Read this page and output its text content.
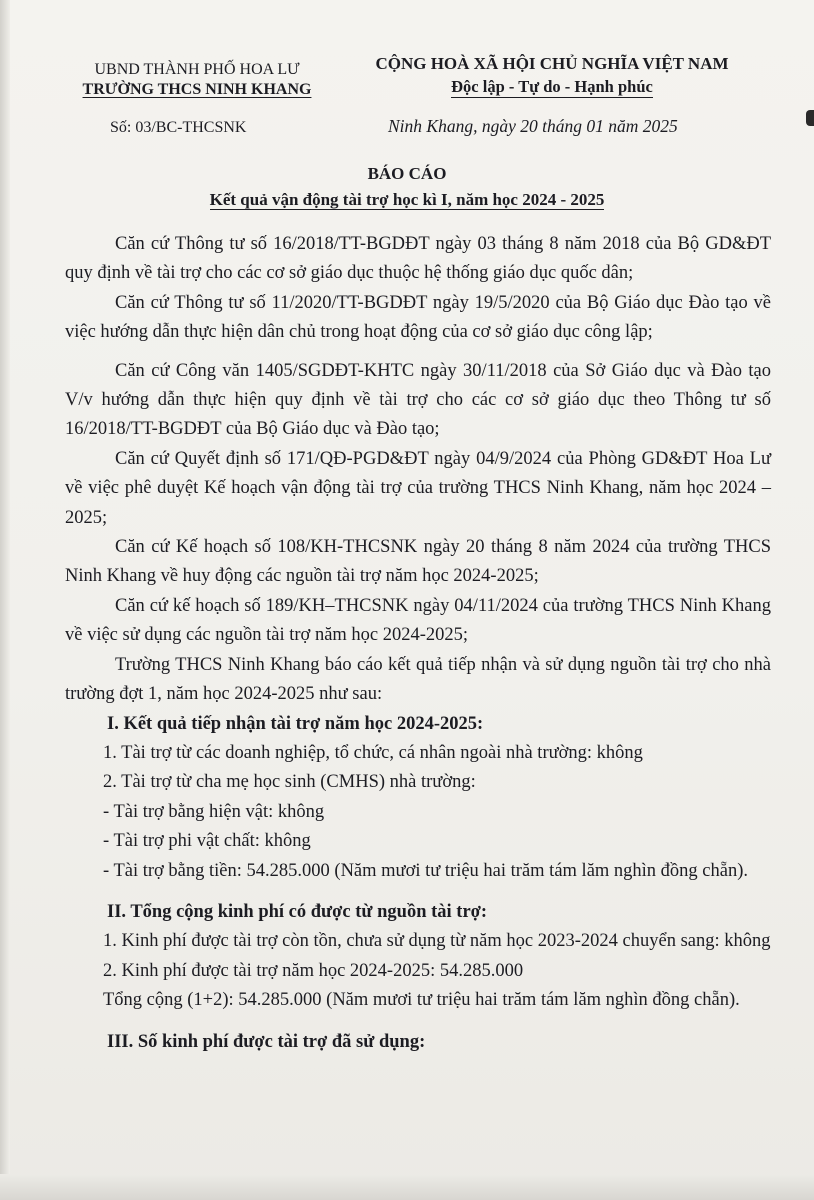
UBND THÀNH PHỐ HOA LƯ
TRƯỜNG THCS NINH KHANG
CỘNG HOÀ XÃ HỘI CHỦ NGHĨA VIỆT NAM
Độc lập - Tự do - Hạnh phúc
Số: 03/BC-THCSNK	Ninh Khang, ngày 20 tháng 01 năm 2025
BÁO CÁO
Kết quả vận động tài trợ học kì I, năm học 2024 - 2025

Căn cứ Thông tư số 16/2018/TT-BGDĐT ngày 03 tháng 8 năm 2018 của Bộ GD&ĐT quy định về tài trợ cho các cơ sở giáo dục thuộc hệ thống giáo dục quốc dân;

Căn cứ Thông tư số 11/2020/TT-BGDĐT ngày 19/5/2020 của Bộ Giáo dục Đào tạo về việc hướng dẫn thực hiện dân chủ trong hoạt động của cơ sở giáo dục công lập;

Căn cứ Công văn 1405/SGDĐT-KHTC ngày 30/11/2018 của Sở Giáo dục và Đào tạo V/v hướng dẫn thực hiện quy định về tài trợ cho các cơ sở giáo dục theo Thông tư số 16/2018/TT-BGDĐT của Bộ Giáo dục và Đào tạo;

Căn cứ Quyết định số 171/QĐ-PGD&ĐT ngày 04/9/2024 của Phòng GD&ĐT Hoa Lư về việc phê duyệt Kế hoạch vận động tài trợ của trường THCS Ninh Khang, năm học 2024 – 2025;

Căn cứ Kế hoạch số 108/KH-THCSNK ngày 20 tháng 8 năm 2024 của trường THCS Ninh Khang về huy động các nguồn tài trợ năm học 2024-2025;

Căn cứ kế hoạch số 189/KH–THCSNK ngày 04/11/2024 của trường THCS Ninh Khang về việc sử dụng các nguồn tài trợ năm học 2024-2025;

Trường THCS Ninh Khang báo cáo kết quả tiếp nhận và sử dụng nguồn tài trợ cho nhà trường đợt 1, năm học 2024-2025 như sau:

I. Kết quả tiếp nhận tài trợ năm học 2024-2025:

1. Tài trợ từ các doanh nghiệp, tổ chức, cá nhân ngoài nhà trường: không

2. Tài trợ từ cha mẹ học sinh (CMHS) nhà trường:

- Tài trợ bằng hiện vật: không

- Tài trợ phi vật chất: không

- Tài trợ bằng tiền: 54.285.000 (Năm mươi tư triệu hai trăm tám lăm nghìn đồng chẵn).

II. Tổng cộng kinh phí có được từ nguồn tài trợ:

1. Kinh phí được tài trợ còn tồn, chưa sử dụng từ năm học 2023-2024 chuyển sang: không

2. Kinh phí được tài trợ năm học 2024-2025: 54.285.000

Tổng cộng (1+2): 54.285.000 (Năm mươi tư triệu hai trăm tám lăm nghìn đồng chẵn).

III. Số kinh phí được tài trợ đã sử dụng:
